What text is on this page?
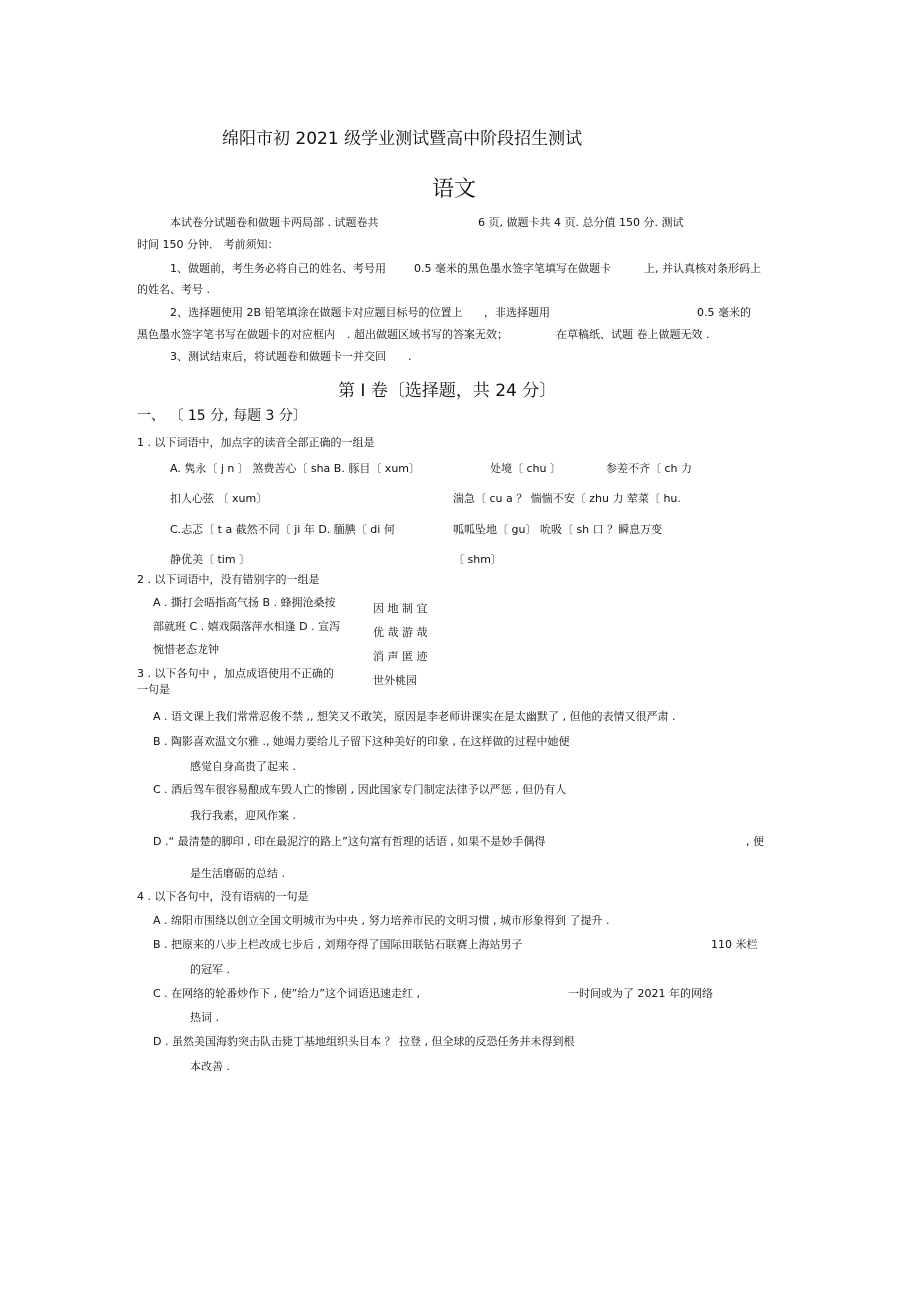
绵阳市初 2021 级学业测试暨高中阶段招生测试
语文
本试卷分试题卷和做题卡两局部 . 试题卷共	6 页, 做题卡共 4 页. 总分值 150 分. 测试
时间 150 分钟． 考前须知：
1、做题前，考生务必将自己的姓名、考号用	0.5 毫米的黑色墨水签字笔填写在做题卡	上, 并认真核对条形码上
的姓名、考号 .
2、选择题使用 2B 铅笔填涂在做题卡对应题目标号的位置上 ，非选择题用	0.5 毫米的
黑色墨水签字笔书写在做题卡的对应框内 . 超出做题区域书写的答案无效；	在草稿纸、试题 卷上做题无效 .
3、测试结束后，将试题卷和做题卡一并交回 .
第 Ⅰ 卷〔选择题，共 24 分〕
一、 〔 15 分, 每题 3 分〕
1 . 以下词语中，加点字的读音全部正确的一组是
A. 隽永〔 j n 〕 煞费苦心〔 sha B. 豚目〔 xum〕	处境〔 chu 〕	参差不齐〔 ch 力
扣人心弦 〔 xum〕	湍急〔 cu a ？ 惴惴不安〔 zhu 力 荤菜〔 hu.
C.忐忑〔 t a 截然不同〔 ji 年 D. 腼腆〔 di 何	呱呱坠地〔 gu〕 吮吸〔 sh 口 ？瞬息万变
静优美〔 tim 〕	〔 shm〕
2 . 以下词语中，没有错别字的一组是
A . 撕打会晤指高气扬 B . 蜂拥沧桑按
部就班 C . 嬉戏陨落萍水相逢 D . 宣泻
惋惜老态龙钟
因 地 制 宜
优 哉 游 哉
消 声 匿 迹
世外桃园
3 . 以下各句中 ，加点成语使用不正确的
一句是
A . 语文课上我们常常忍俊不禁 ,, 想笑又不敢笑，原因是李老师讲课实在是太幽默了 , 但他的表情又很严肃 .
B . 陶影喜欢温文尔雅 ., 她竭力要给儿子留下这种美好的印象 , 在这样做的过程中她便
感觉自身高贵了起来 .
C . 酒后驾车很容易酿成车毁人亡的惨剧 , 因此国家专门制定法律予以严惩 , 但仍有人
我行我素，迎风作案 .
D .“ 最清楚的脚印 , 印在最泥泞的路上”这句富有哲理的话语 , 如果不是妙手偶得	, 便
是生活磨砺的总结 .
4 . 以下各句中，没有语病的一句是
A . 绵阳市围绕以创立全国文明城市为中央 , 努力培养市民的文明习惯 , 城市形象得到 了提升 .
B . 把原来的八步上栏改成七步后 , 刘翔夺得了国际田联钻石联赛上海站男子	110 米栏
的冠军 .
C . 在网络的轮番炒作下 , 使”给力”这个词语迅速走红 ,	一时间或为了 2021 年的网络
热词 .
D . 虽然美国海豹突击队击毙丁基地组织头目本 ？ 拉登 , 但全球的反恐任务并未得到根
本改善 .
